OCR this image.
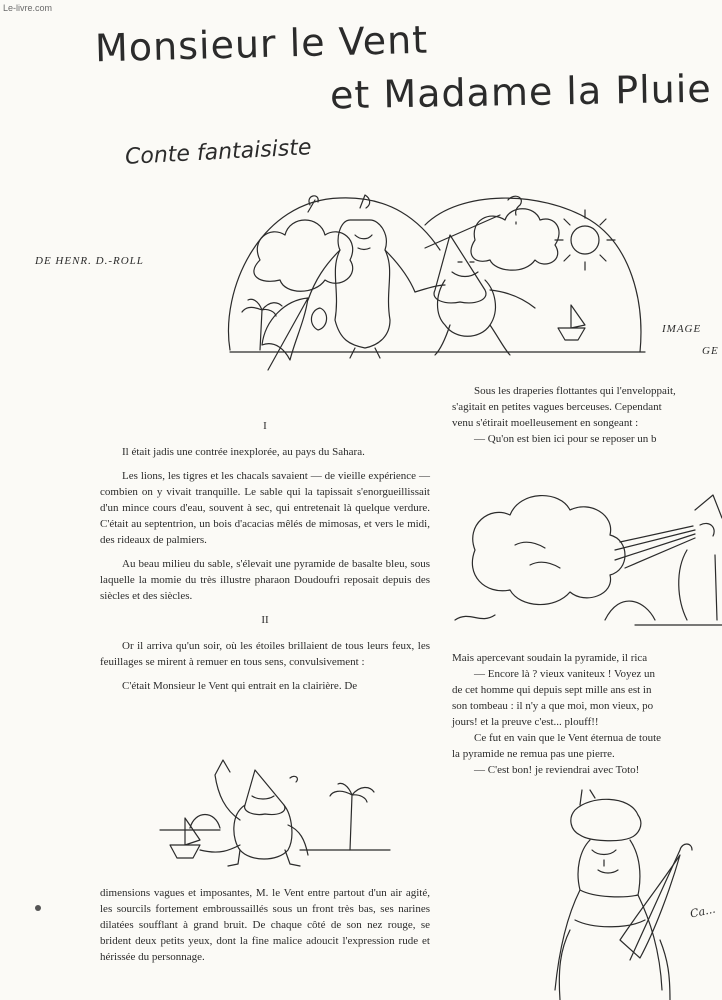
Le-livre.com
Monsieur le Vent
et Madame la Pluie
Conte fantaisiste
DE HENR. D.-ROLL
IMAGE
GE

I

Il était jadis une contrée inexplorée, au pays du Sahara.

Les lions, les tigres et les chacals savaient — de vieille expérience — combien on y vivait tranquille. Le sable qui la tapissait s'enorgueillissait d'un mince cours d'eau, souvent à sec, qui entretenait là quelque verdure. C'était au septentrion, un bois d'acacias mêlés de mimosas, et vers le midi, des rideaux de palmiers.

Au beau milieu du sable, s'élevait une pyramide de basalte bleu, sous laquelle la momie du très illustre pharaon Doudoufri reposait depuis des siècles et des siècles.

II

Or il arriva qu'un soir, où les étoiles brillaient de tous leurs feux, les feuillages se mirent à remuer en tous sens, convulsivement :

C'était Monsieur le Vent qui entrait en la clairière. De

dimensions vagues et imposantes, M. le Vent entre partout d'un air agité, les sourcils fortement embroussaillés sous un front très bas, ses narines dilatées soufflant à grand bruit. De chaque côté de son nez rouge, se brident deux petits yeux, dont la fine malice adoucit l'expression rude et hérissée du personnage.

Sous les draperies flottantes qui l'enveloppait,

s'agitait en petites vagues berceuses. Cependant

venu s'étirait moelleusement en songeant :

— Qu'on est bien ici pour se reposer un b

Mais apercevant soudain la pyramide, il rica

— Encore là ? vieux vaniteux ! Voyez un

de cet homme qui depuis sept mille ans est in

son tombeau : il n'y a que moi, mon vieux, po

jours! et la preuve c'est... plouff!!

Ce fut en vain que le Vent éternua de toute

la pyramide ne remua pas une pierre.

— C'est bon! je reviendrai avec Toto!

Ca...
